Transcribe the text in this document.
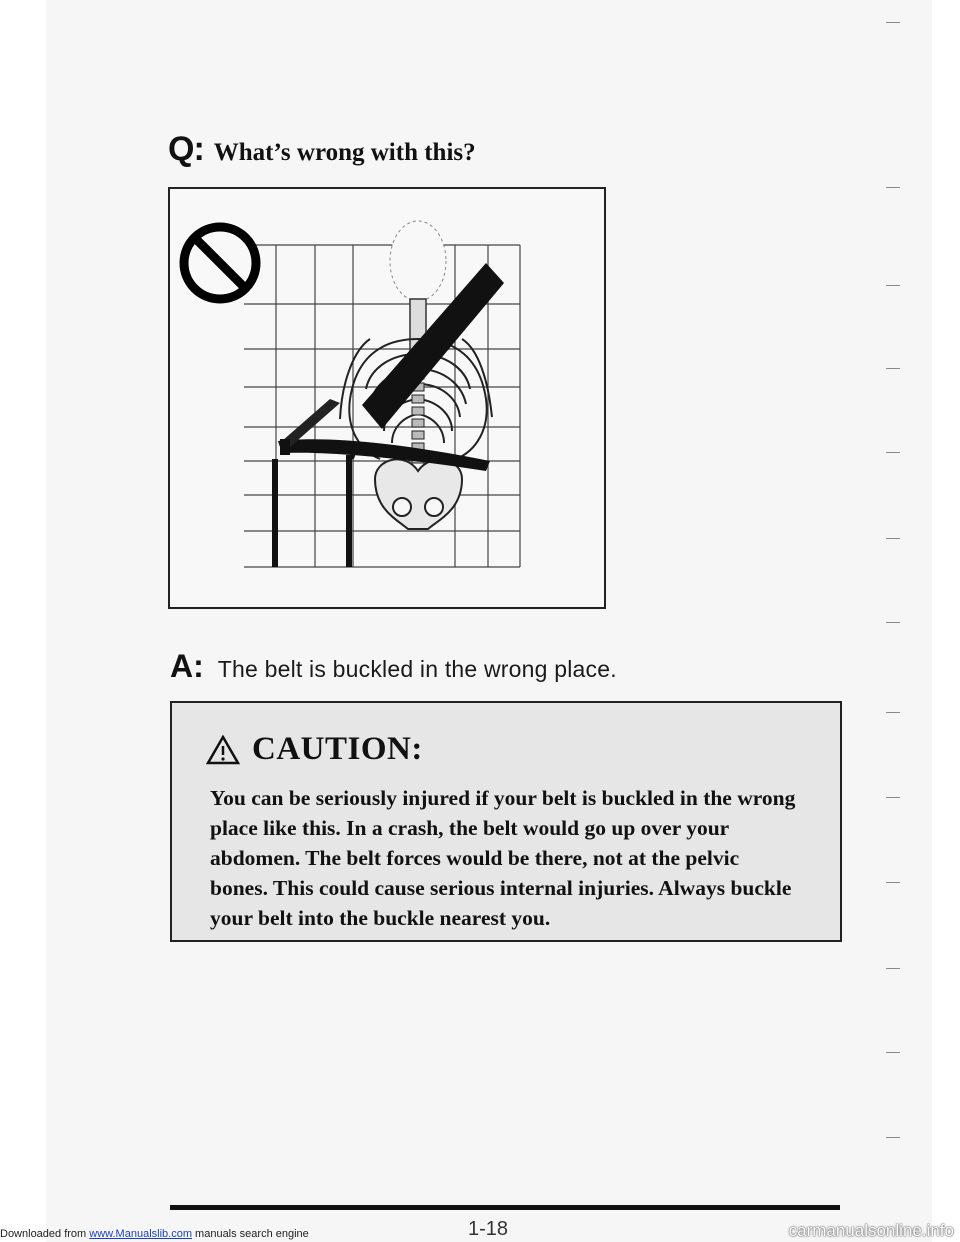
Q: What’s wrong with this?
A: The belt is buckled in the wrong place.
CAUTION:
You can be seriously injured if your belt is buckled in the wrong
place like this. In a crash, the belt would go up over your
abdomen. The belt forces would be there, not at the pelvic
bones. This could cause serious internal injuries. Always buckle
your belt into the buckle nearest you.
1-18
Downloaded from www.Manualslib.com manuals search engine	carmanualsonline.info
